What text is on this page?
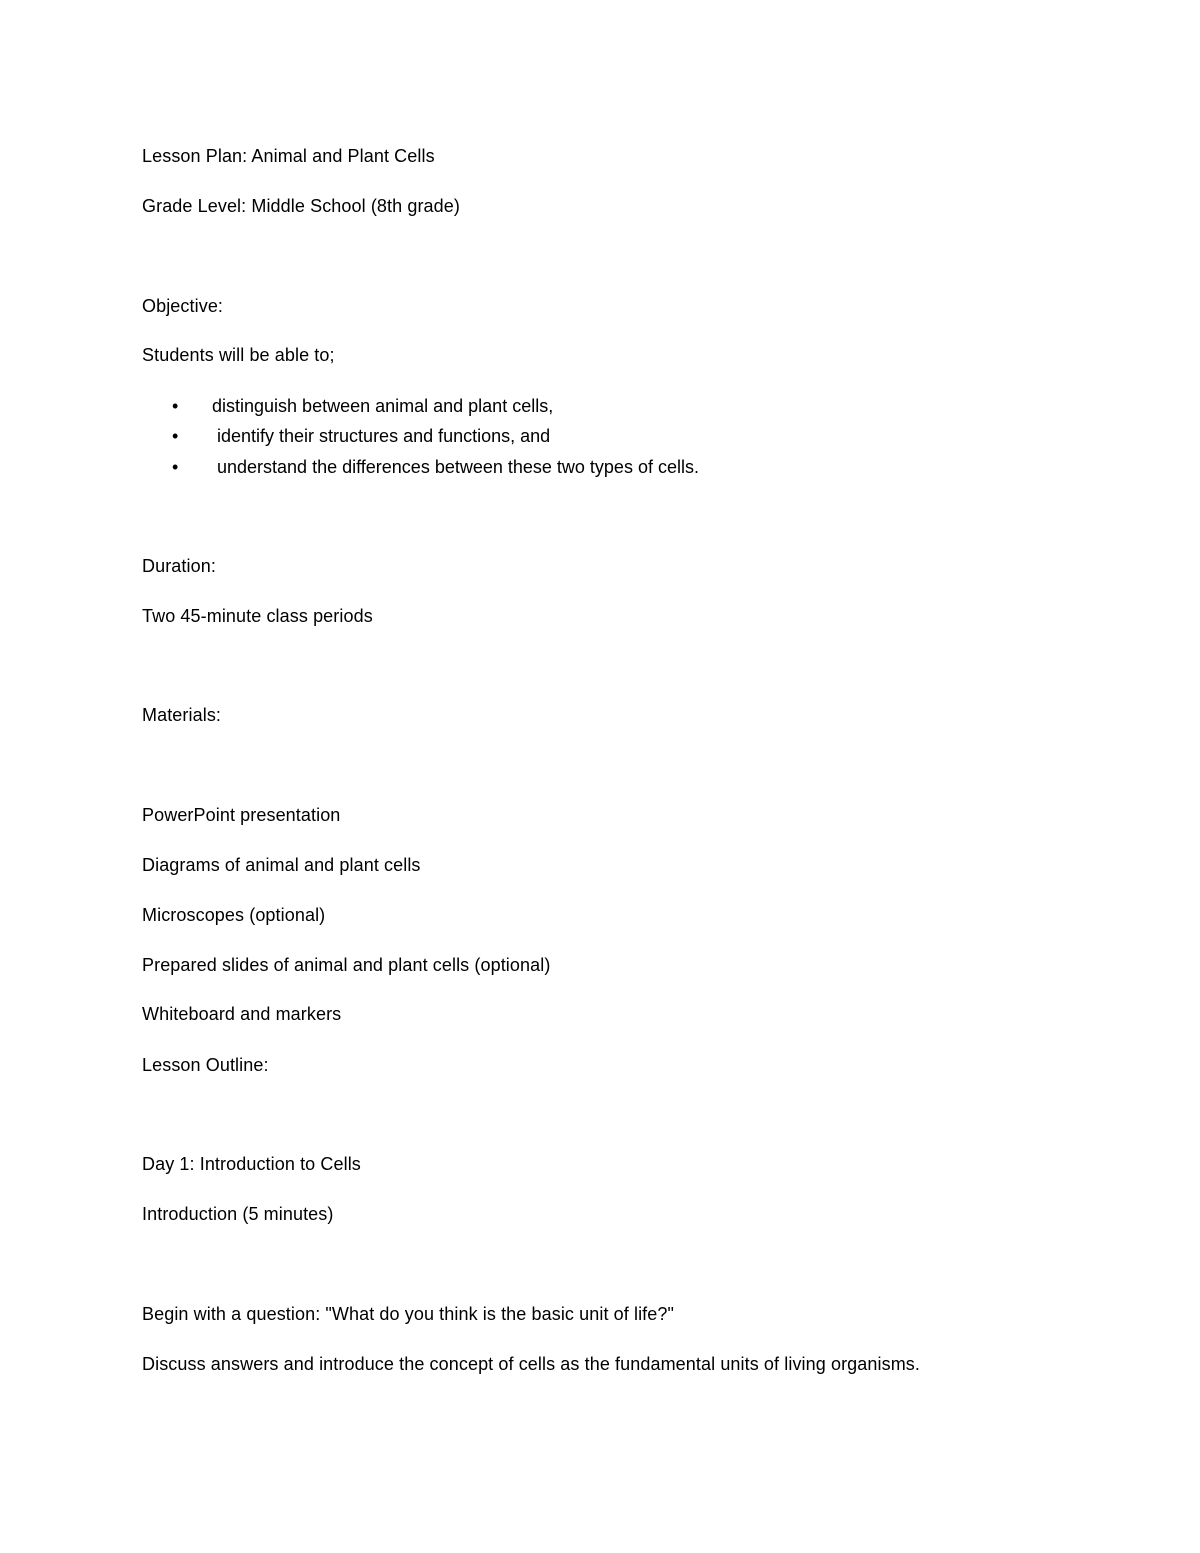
Lesson Plan: Animal and Plant Cells
Grade Level: Middle School (8th grade)
Objective:
Students will be able to;
•	distinguish between animal and plant cells,
•	identify their structures and functions, and
•	understand the differences between these two types of cells.
Duration:
Two 45-minute class periods
Materials:
PowerPoint presentation
Diagrams of animal and plant cells
Microscopes (optional)
Prepared slides of animal and plant cells (optional)
Whiteboard and markers
Lesson Outline:
Day 1: Introduction to Cells
Introduction (5 minutes)
Begin with a question: "What do you think is the basic unit of life?"
Discuss answers and introduce the concept of cells as the fundamental units of living organisms.
